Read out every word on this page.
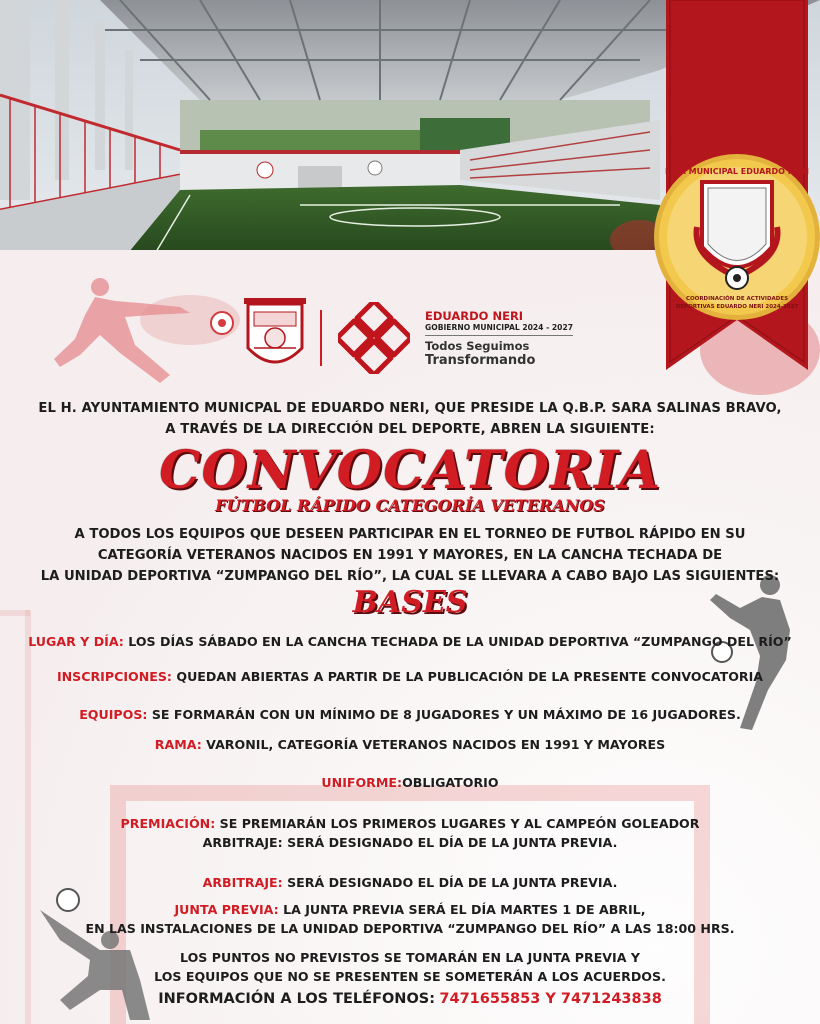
LIGA MUNICIPAL EDUARDO NERI
COORDINACIÓN DE ACTIVIDADES
DEPORTIVAS EDUARDO NERI 2024-2027
EDUARDO NERI
GOBIERNO MUNICIPAL 2024 - 2027
Todos Seguimos
Transformando
EL H. AYUNTAMIENTO MUNICPAL DE EDUARDO NERI, QUE PRESIDE LA Q.B.P. SARA SALINAS BRAVO,
A TRAVÉS DE LA DIRECCIÓN DEL DEPORTE, ABREN LA SIGUIENTE:
CONVOCATORIA
FÚTBOL RÁPIDO CATEGORÍA VETERANOS
A TODOS LOS EQUIPOS QUE DESEEN PARTICIPAR EN EL TORNEO DE FUTBOL RÁPIDO EN SU
CATEGORÍA VETERANOS NACIDOS EN 1991 Y MAYORES, EN LA CANCHA TECHADA DE
LA UNIDAD DEPORTIVA “ZUMPANGO DEL RÍO”, LA CUAL SE LLEVARA A CABO BAJO LAS SIGUIENTES:
BASES
LUGAR Y DÍA: LOS DÍAS SÁBADO EN LA CANCHA TECHADA DE LA UNIDAD DEPORTIVA “ZUMPANGO DEL RÍO”
INSCRIPCIONES: QUEDAN ABIERTAS A PARTIR DE LA PUBLICACIÓN DE LA PRESENTE CONVOCATORIA
EQUIPOS: SE FORMARÁN CON UN MÍNIMO DE 8 JUGADORES Y UN MÁXIMO DE 16 JUGADORES.
RAMA: VARONIL, CATEGORÍA VETERANOS NACIDOS EN 1991 Y MAYORES
UNIFORME:OBLIGATORIO
PREMIACIÓN: SE PREMIARÁN LOS PRIMEROS LUGARES Y AL CAMPEÓN GOLEADOR
ARBITRAJE: SERÁ DESIGNADO EL DÍA DE LA JUNTA PREVIA.
ARBITRAJE: SERÁ DESIGNADO EL DÍA DE LA JUNTA PREVIA.
JUNTA PREVIA: LA JUNTA PREVIA SERÁ EL DÍA MARTES 1 DE ABRIL,
EN LAS INSTALACIONES DE LA UNIDAD DEPORTIVA “ZUMPANGO DEL RÍO” A LAS 18:00 HRS.
LOS PUNTOS NO PREVISTOS SE TOMARÁN EN LA JUNTA PREVIA Y
LOS EQUIPOS QUE NO SE PRESENTEN SE SOMETERÁN A LOS ACUERDOS.
INFORMACIÓN A LOS TELÉFONOS: 7471655853 Y 7471243838
